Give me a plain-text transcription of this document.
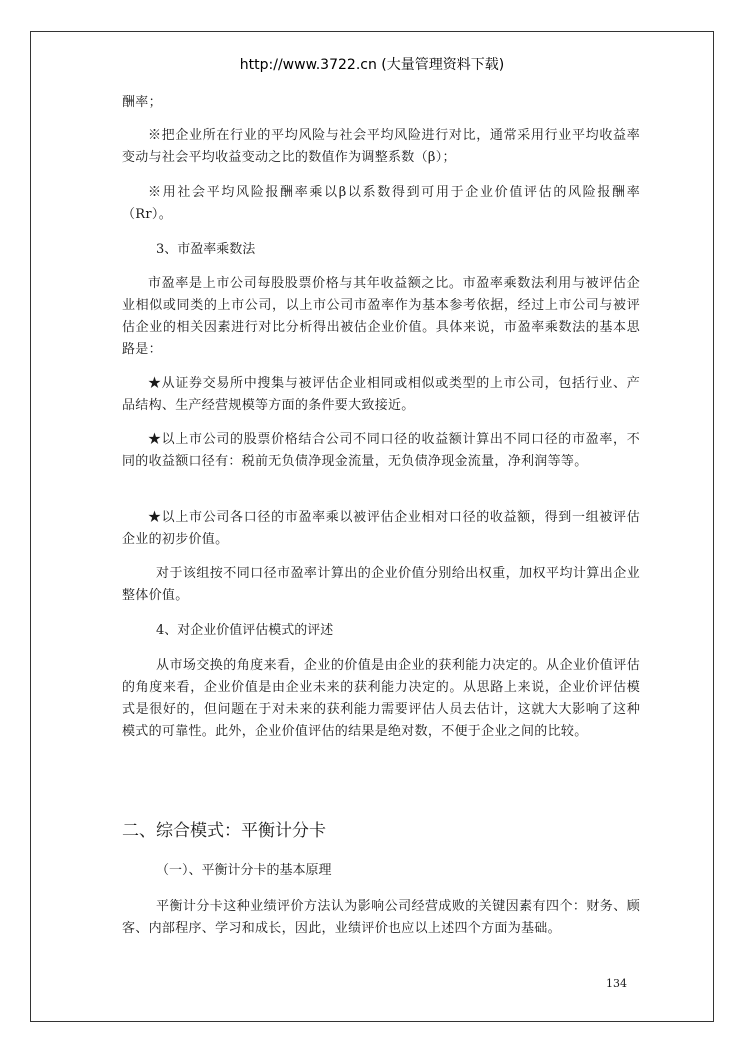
http://www.3722.cn (大量管理资料下载)

酬率；

※把企业所在行业的平均风险与社会平均风险进行对比，通常采用行业平均收益率变动与社会平均收益变动之比的数值作为调整系数（β）；

※用社会平均风险报酬率乘以β以系数得到可用于企业价值评估的风险报酬率（Rr）。

3、市盈率乘数法

市盈率是上市公司每股股票价格与其年收益额之比。市盈率乘数法利用与被评估企业相似或同类的上市公司，以上市公司市盈率作为基本参考依据，经过上市公司与被评估企业的相关因素进行对比分析得出被估企业价值。具体来说，市盈率乘数法的基本思路是：

★从证券交易所中搜集与被评估企业相同或相似或类型的上市公司，包括行业、产品结构、生产经营规模等方面的条件要大致接近。

★以上市公司的股票价格结合公司不同口径的收益额计算出不同口径的市盈率，不同的收益额口径有：税前无负债净现金流量，无负债净现金流量，净利润等等。

★以上市公司各口径的市盈率乘以被评估企业相对口径的收益额，得到一组被评估企业的初步价值。

对于该组按不同口径市盈率计算出的企业价值分别给出权重，加权平均计算出企业整体价值。

4、对企业价值评估模式的评述

从市场交换的角度来看，企业的价值是由企业的获利能力决定的。从企业价值评估的角度来看，企业价值是由企业未来的获利能力决定的。从思路上来说，企业价评估模式是很好的，但问题在于对未来的获利能力需要评估人员去估计，这就大大影响了这种模式的可靠性。此外，企业价值评估的结果是绝对数，不便于企业之间的比较。

二、综合模式：平衡计分卡

（一）、平衡计分卡的基本原理

平衡计分卡这种业绩评价方法认为影响公司经营成败的关键因素有四个：财务、顾客、内部程序、学习和成长，因此，业绩评价也应以上述四个方面为基础。

134
